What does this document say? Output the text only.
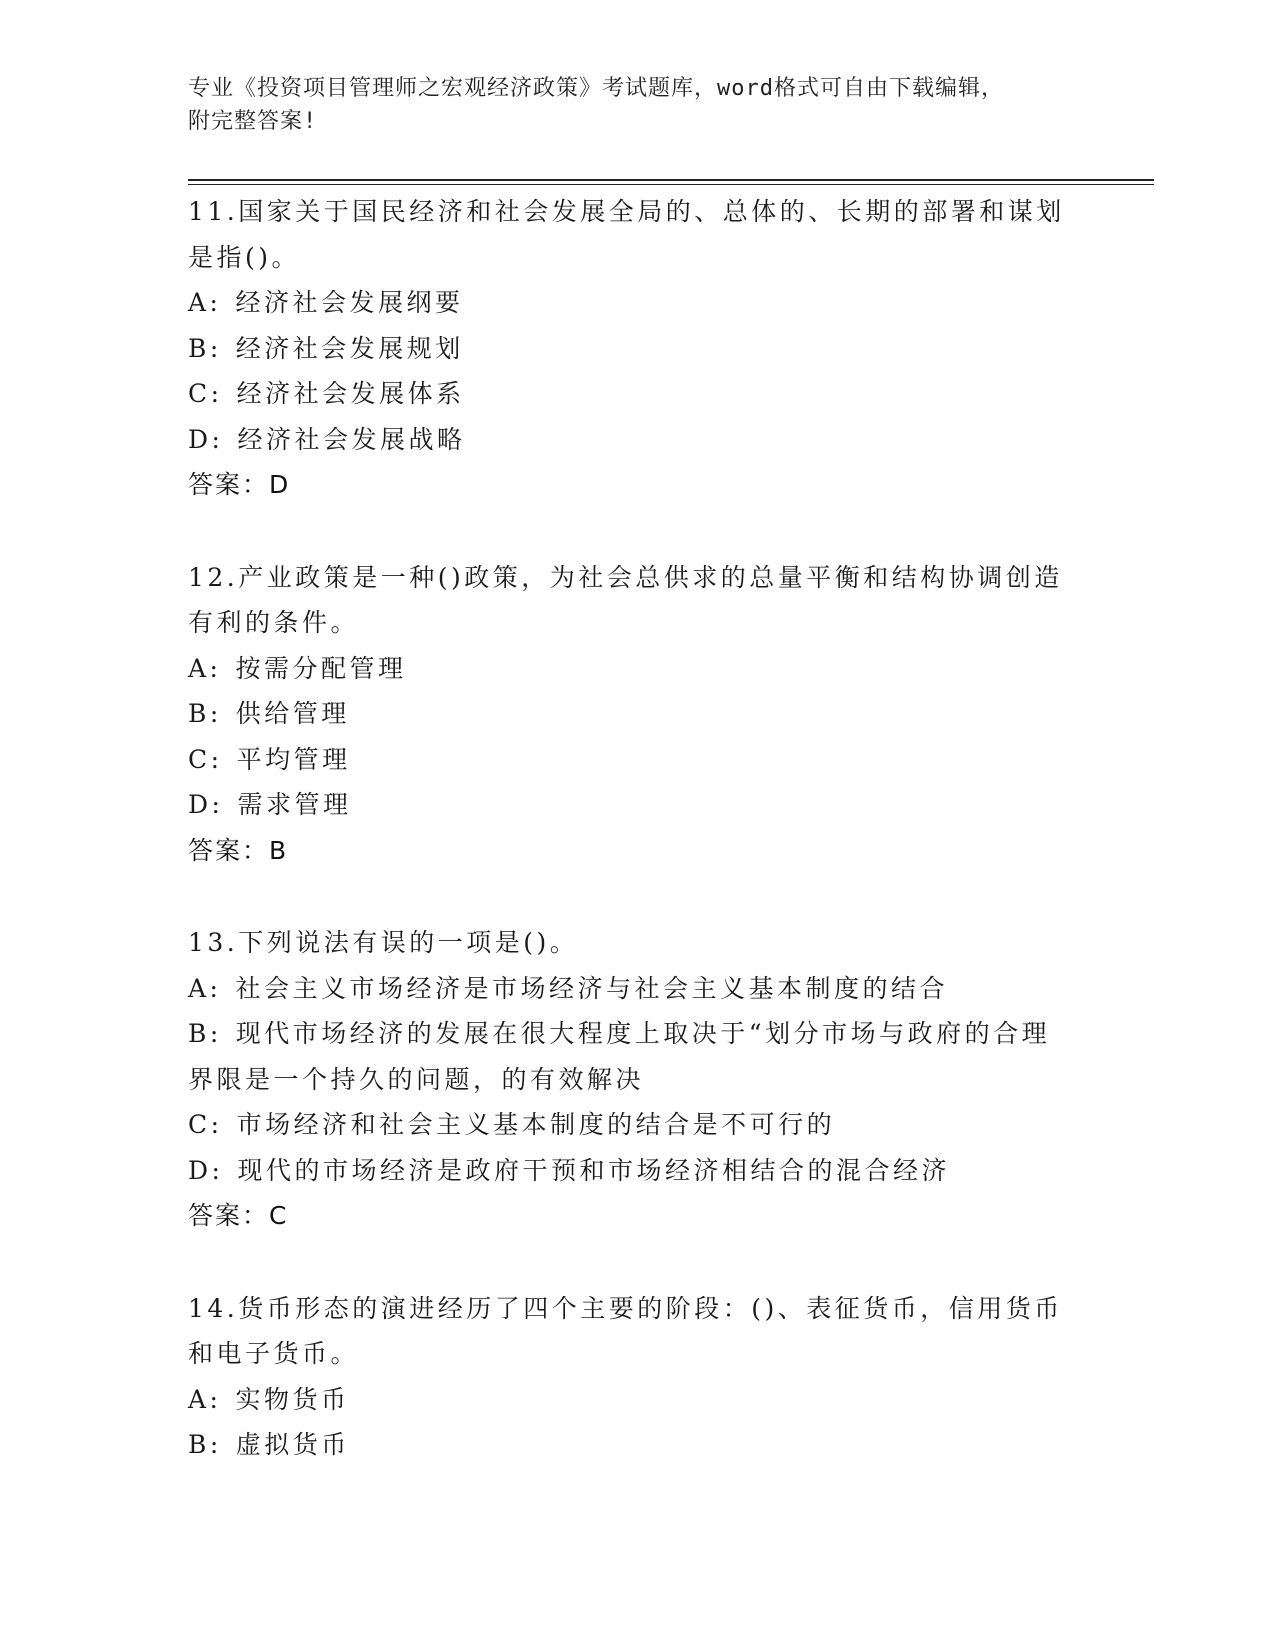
专业《投资项目管理师之宏观经济政策》考试题库，word格式可自由下载编辑，
附完整答案!
11.国家关于国民经济和社会发展全局的、总体的、长期的部署和谋划
是指()。
A: 经济社会发展纲要
B: 经济社会发展规划
C: 经济社会发展体系
D: 经济社会发展战略
答案：D
12.产业政策是一种()政策，为社会总供求的总量平衡和结构协调创造
有利的条件。
A: 按需分配管理
B: 供给管理
C: 平均管理
D: 需求管理
答案：B
13.下列说法有误的一项是()。
A: 社会主义市场经济是市场经济与社会主义基本制度的结合
B: 现代市场经济的发展在很大程度上取决于“划分市场与政府的合理
界限是一个持久的问题，的有效解决
C: 市场经济和社会主义基本制度的结合是不可行的
D: 现代的市场经济是政府干预和市场经济相结合的混合经济
答案：C
14.货币形态的演进经历了四个主要的阶段：()、表征货币，信用货币
和电子货币。
A: 实物货币
B: 虚拟货币
